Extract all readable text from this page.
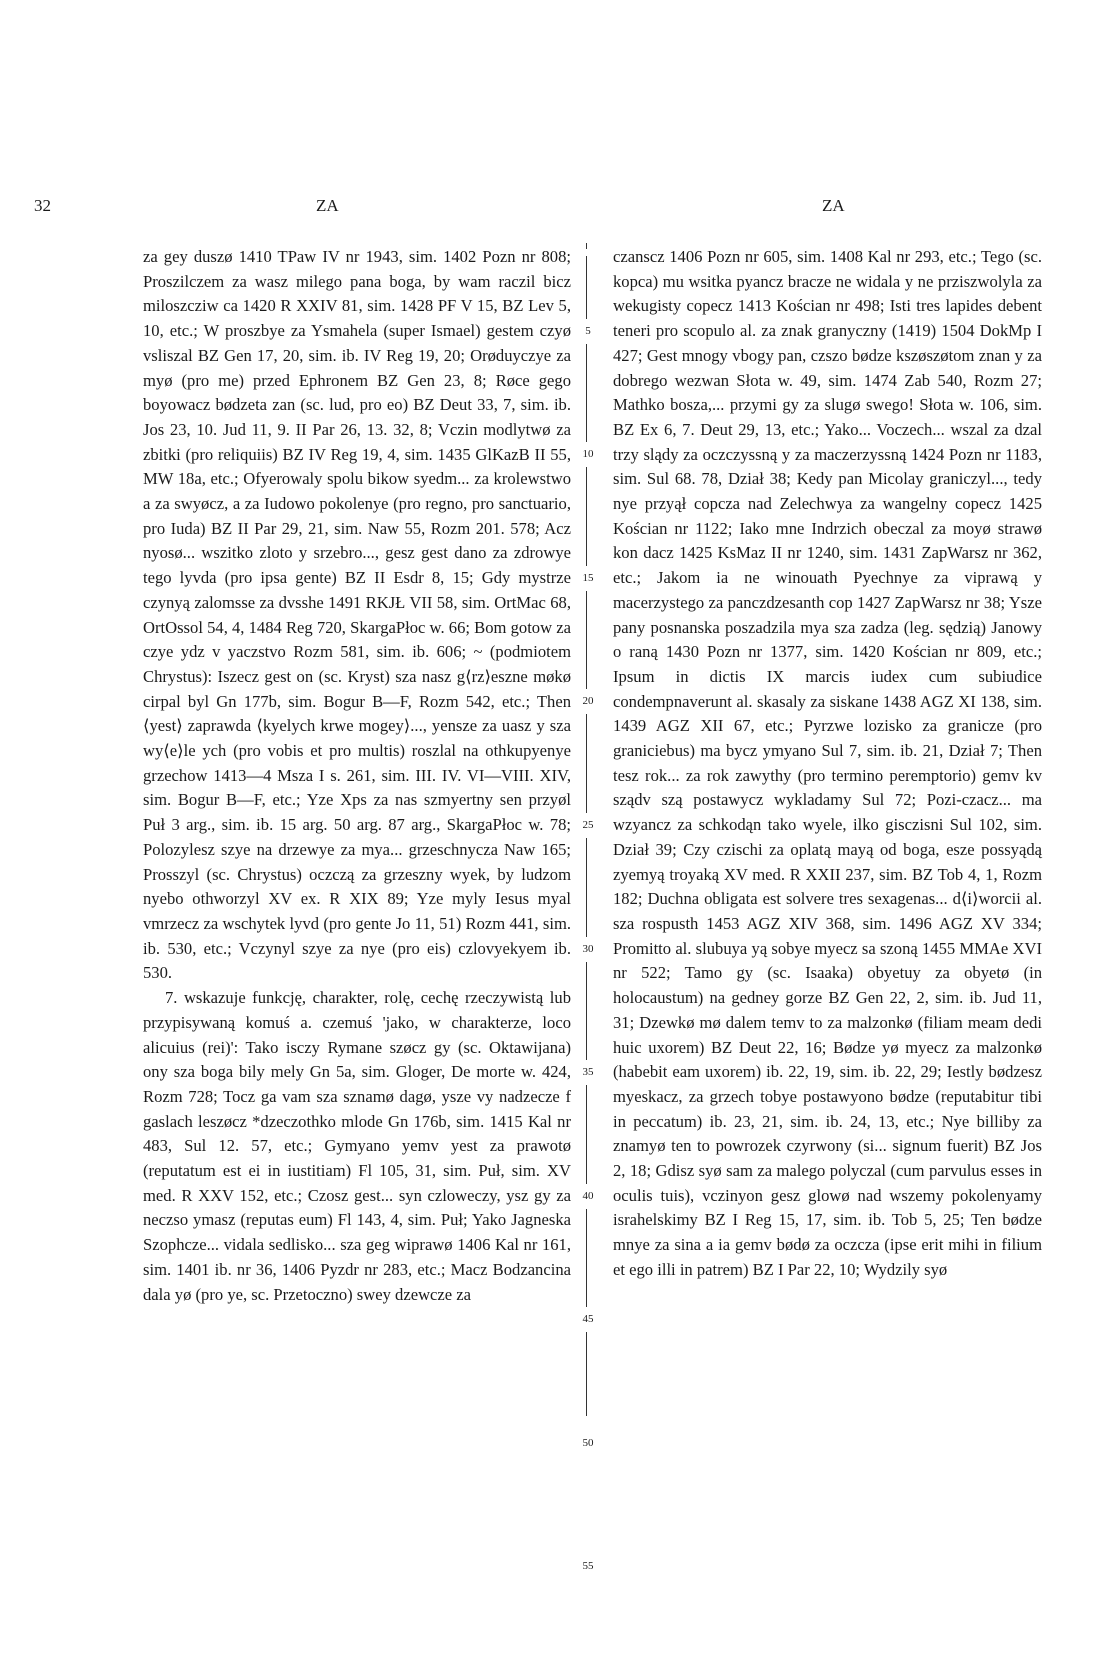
32	ZA	ZA

za gey duszø 1410 TPaw IV nr 1943, sim. 1402 Pozn nr 808; Proszilczem za wasz milego pana boga, by wam raczil bicz miloszcziw ca 1420 R XXIV 81, sim. 1428 PF V 15, BZ Lev 5, 10, etc.; W proszbye za Ysmahela (super Ismael) gestem czyø vsliszal BZ Gen 17, 20, sim. ib. IV Reg 19, 20; Orøduyczye za myø (pro me) przed Ephronem BZ Gen 23, 8; Røce gego boyowacz bødzeta zan (sc. lud, pro eo) BZ Deut 33, 7, sim. ib. Jos 23, 10. Jud 11, 9. II Par 26, 13. 32, 8; Vczin modlytwø za zbitki (pro reliquiis) BZ IV Reg 19, 4, sim. 1435 GlKazB II 55, MW 18a, etc.; Ofyerowaly spolu bikow syedm... za krolewstwo a za swyøcz, a za Iudowo pokolenye (pro regno, pro sanctuario, pro Iuda) BZ II Par 29, 21, sim. Naw 55, Rozm 201. 578; Acz nyosø... wszitko zloto y srzebro..., gesz gest dano za zdrowye tego lyvda (pro ipsa gente) BZ II Esdr 8, 15; Gdy mystrze czynyą zalomsse za dvsshe 1491 RKJŁ VII 58, sim. OrtMac 68, OrtOssol 54, 4, 1484 Reg 720, SkargaPłoc w. 66; Bom gotow za czye ydz v yaczstvo Rozm 581, sim. ib. 606; ~ (podmiotem Chrystus): Iszecz gest on (sc. Kryst) sza nasz g⟨rz⟩eszne møkø cirpal byl Gn 177b, sim. Bogur B—F, Rozm 542, etc.; Then ⟨yest⟩ zaprawda ⟨kyelych krwe mogey⟩..., yensze za uasz y sza wy⟨e⟩le ych (pro vobis et pro multis) roszlal na othkupyenye grzechow 1413—4 Msza I s. 261, sim. III. IV. VI—VIII. XIV, sim. Bogur B—F, etc.; Yze Xps za nas szmyertny sen przyøl Puł 3 arg., sim. ib. 15 arg. 50 arg. 87 arg., SkargaPłoc w. 78; Polozylesz szye na drzewye za mya... grzeschnycza Naw 165; Prosszyl (sc. Chrystus) oczczą za grzeszny wyek, by ludzom nyebo othworzyl XV ex. R XIX 89; Yze myly Iesus myal vmrzecz za wschytek lyvd (pro gente Jo 11, 51) Rozm 441, sim. ib. 530, etc.; Vczynyl szye za nye (pro eis) czlovyekyem ib. 530.

7. wskazuje funkcję, charakter, rolę, cechę rzeczywistą lub przypisywaną komuś a. czemuś 'jako, w charakterze, loco alicuius (rei)': Tako isczy Rymane szøcz gy (sc. Oktawijana) ony sza boga bily mely Gn 5a, sim. Gloger, De morte w. 424, Rozm 728; Tocz ga vam sza sznamø dagø, ysze vy nadzecze f gaslach leszøcz *dzeczothko mlode Gn 176b, sim. 1415 Kal nr 483, Sul 12. 57, etc.; Gymyano yemv yest za prawotø (reputatum est ei in iustitiam) Fl 105, 31, sim. Puł, sim. XV med. R XXV 152, etc.; Czosz gest... syn czloweczy, ysz gy za neczso ymasz (reputas eum) Fl 143, 4, sim. Puł; Yako Jagneska Szophcze... vidala sedlisko... sza geg wiprawø 1406 Kal nr 161, sim. 1401 ib. nr 36, 1406 Pyzdr nr 283, etc.; Macz Bodzancina dala yø (pro ye, sc. Przetoczno) swey dzewcze za

5
10
15
20
25
30
35
40
45
50
55

czanscz 1406 Pozn nr 605, sim. 1408 Kal nr 293, etc.; Tego (sc. kopca) mu wsitka pyancz bracze ne widala y ne prziszwolyla za wekugisty copecz 1413 Kościan nr 498; Isti tres lapides debent teneri pro scopulo al. za znak granyczny (1419) 1504 DokMp I 427; Gest mnogy vbogy pan, czszo bødze kszøszøtom znan y za dobrego wezwan Słota w. 49, sim. 1474 Zab 540, Rozm 27; Mathko bosza,... przymi gy za slugø swego! Słota w. 106, sim. BZ Ex 6, 7. Deut 29, 13, etc.; Yako... Voczech... wszal za dzal trzy slądy za oczczyssną y za maczerzyssną 1424 Pozn nr 1183, sim. Sul 68. 78, Dział 38; Kedy pan Micolay graniczyl..., tedy nye przyął copcza nad Zelechwya za wangelny copecz 1425 Kościan nr 1122; Iako mne Indrzich obeczal za moyø strawø kon dacz 1425 KsMaz II nr 1240, sim. 1431 ZapWarsz nr 362, etc.; Jakom ia ne winouath Pyechnye za viprawą y macerzystego za panczdzesanth cop 1427 ZapWarsz nr 38; Ysze pany posnanska poszadzila mya sza zadza (leg. sędzią) Janowy o raną 1430 Pozn nr 1377, sim. 1420 Kościan nr 809, etc.; Ipsum in dictis IX marcis iudex cum subiudice condempnaverunt al. skasaly za siskane 1438 AGZ XI 138, sim. 1439 AGZ XII 67, etc.; Pyrzwe lozisko za granicze (pro graniciebus) ma bycz ymyano Sul 7, sim. ib. 21, Dział 7; Then tesz rok... za rok zawythy (pro termino peremptorio) gemv kv sządv szą postawycz wykladamy Sul 72; Pozi-czacz... ma wzyancz za schkodąn tako wyele, ilko gisczisni Sul 102, sim. Dział 39; Czy czischi za oplatą mayą od boga, esze possyądą zyemyą troyaką XV med. R XXII 237, sim. BZ Tob 4, 1, Rozm 182; Duchna obligata est solvere tres sexagenas... d⟨i⟩worcii al. sza rospusth 1453 AGZ XIV 368, sim. 1496 AGZ XV 334; Promitto al. slubuya yą sobye myecz sa szoną 1455 MMAe XVI nr 522; Tamo gy (sc. Isaaka) obyetuy za obyetø (in holocaustum) na gedney gorze BZ Gen 22, 2, sim. ib. Jud 11, 31; Dzewkø mø dalem temv to za malzonkø (filiam meam dedi huic uxorem) BZ Deut 22, 16; Bødze yø myecz za malzonkø (habebit eam uxorem) ib. 22, 19, sim. ib. 22, 29; Iestly bødzesz myeskacz, za grzech tobye postawyono bødze (reputabitur tibi in peccatum) ib. 23, 21, sim. ib. 24, 13, etc.; Nye billiby za znamyø ten to powrozek czyrwony (si... signum fuerit) BZ Jos 2, 18; Gdisz syø sam za malego polyczal (cum parvulus esses in oculis tuis), vczinyon gesz glowø nad wszemy pokolenyamy israhelskimy BZ I Reg 15, 17, sim. ib. Tob 5, 25; Ten bødze mnye za sina a ia gemv bødø za oczcza (ipse erit mihi in filium et ego illi in patrem) BZ I Par 22, 10; Wydzily syø
